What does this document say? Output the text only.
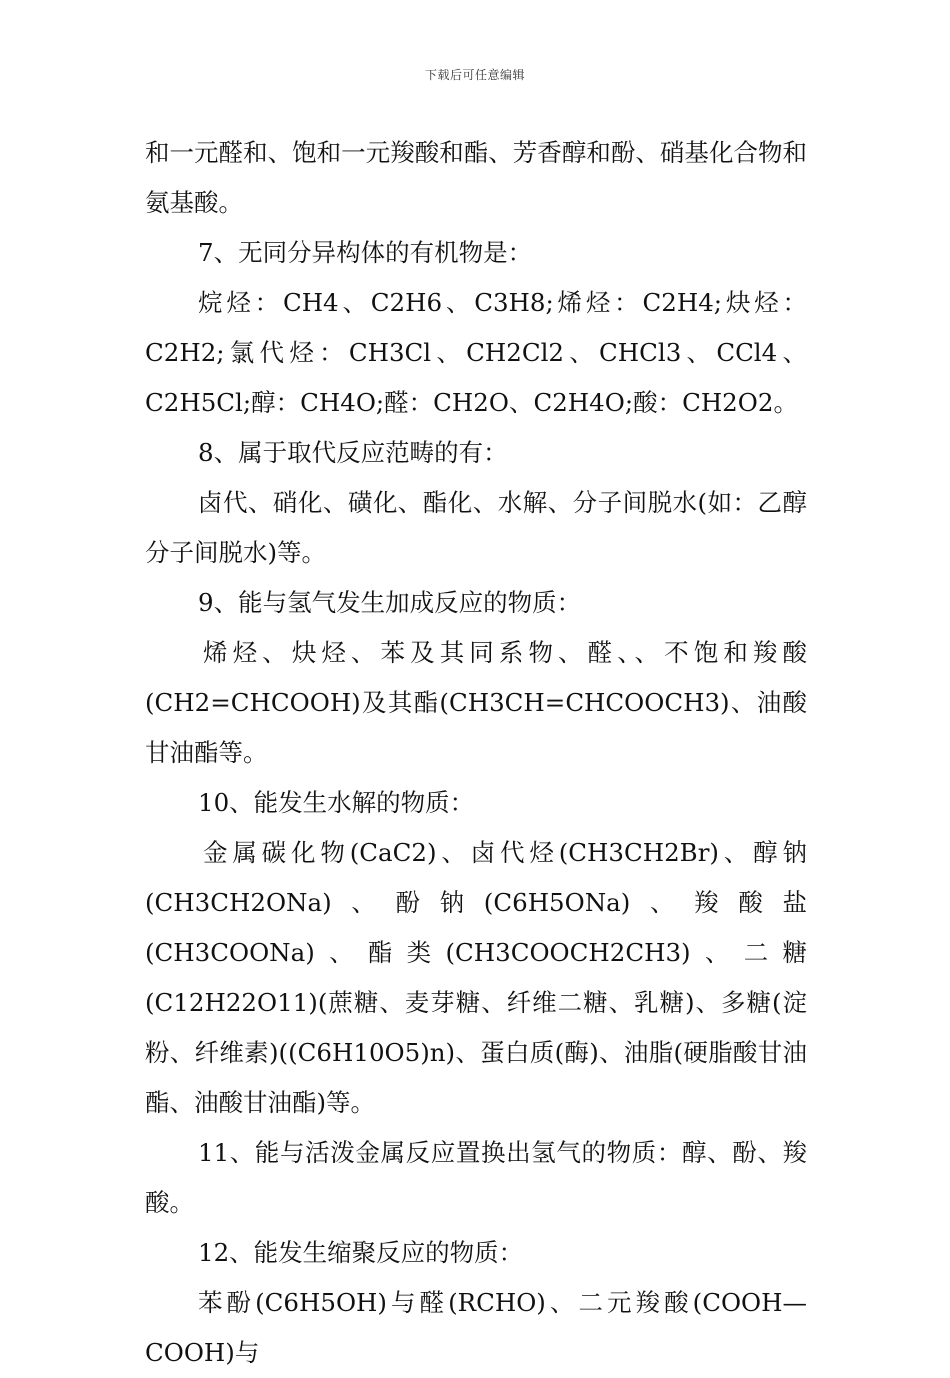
下载后可任意编辑

和一元醛和、饱和一元羧酸和酯、芳香醇和酚、硝基化合物和氨基酸。

7、无同分异构体的有机物是：

烷烃：CH4、C2H6、C3H8;烯烃：C2H4;炔烃：C2H2;氯代烃：CH3Cl、CH2Cl2、CHCl3、CCl4、C2H5Cl;醇：CH4O;醛：CH2O、C2H4O;酸：CH2O2。

8、属于取代反应范畴的有：

卤代、硝化、磺化、酯化、水解、分子间脱水(如：乙醇分子间脱水)等。

9、能与氢气发生加成反应的物质：

烯烃、炔烃、苯及其同系物、醛、、不饱和羧酸(CH2=CHCOOH)及其酯(CH3CH=CHCOOCH3)、油酸甘油酯等。

10、能发生水解的物质：

金属碳化物(CaC2)、卤代烃(CH3CH2Br)、醇钠(CH3CH2ONa)、酚钠(C6H5ONa)、羧酸盐(CH3COONa)、酯类(CH3COOCH2CH3)、二糖(C12H22O11)(蔗糖、麦芽糖、纤维二糖、乳糖)、多糖(淀粉、纤维素)((C6H10O5)n)、蛋白质(酶)、油脂(硬脂酸甘油酯、油酸甘油酯)等。

11、能与活泼金属反应置换出氢气的物质：醇、酚、羧酸。

12、能发生缩聚反应的物质：

苯酚(C6H5OH)与醛(RCHO)、二元羧酸(COOH—COOH)与
